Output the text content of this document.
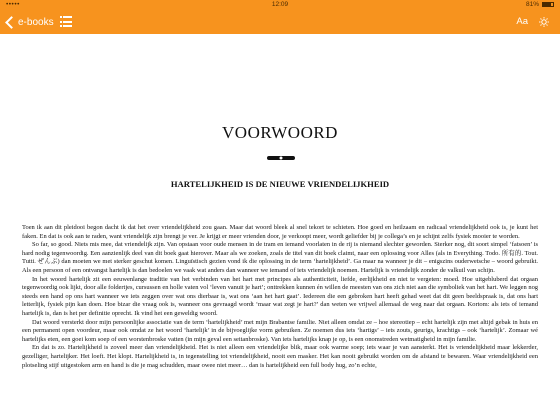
•••••	12:09	81%
e-books	Aa
VOORWOORD
HARTELIJKHEID IS DE NIEUWE VRIENDELIJKHEID

Toen ik aan dit pleidooi begon dacht ik dat het over vriendelijkheid zou gaan. Maar dat woord bleek al snel tekort te schieten. Hoe goed en heilzaam en radicaal vriendelijkheid ook is, je kunt het faken. En dat is ook aan te raden, want vriendelijk zijn brengt je ver. Je krijgt er meer vrienden door, je verkoopt meer, wordt geliefder bij je collega’s en je schijnt zelfs fysiek mooier te worden.

So far, so good. Niets mis mee, dat vriendelijk zijn. Van opstaan voor oude mensen in de tram en iemand voorlaten in de rij is niemand slechter geworden. Sterker nog, dit soort simpel ‘fatsoen’ is hard nodig tegenwoordig. Een aanzienlijk deel van dit boek gaat hierover. Maar als we zoeken, zoals de titel van dit boek claimt, naar een oplossing voor Alles (als in Everything. Todo. 所有的. Tout. Tutti. ぜんぶ) dan moeten we met sterker geschut komen. Linguïstisch gezien vond ik die oplossing in de term ‘hartelijkheid’. Ga maar na wanneer je dit – enigszins ouderwetsche – woord gebruikt. Als een persoon of een ontvangst hartelijk is dan bedoelen we vaak wat anders dan wanneer we iemand of iets vriendelijk noemen. Hartelijk is vriendelijk zonder de valkuil van schijn.

In het woord hartelijk zit een eeuwenlange traditie van het verbinden van het hart met principes als authenticiteit, liefde, eerlijkheid en niet te vergeten: moed. Hoe uitgebluberd dat orgaan tegenwoordig ook lijkt, door alle foldertjes, cursussen en holle vaten vol ‘leven vanuit je hart’; onttrekken kunnen én willen de meesten van ons zich niet aan die symboliek van het hart. We leggen nog steeds een hand op ons hart wanneer we iets zeggen over wat ons dierbaar is, wat ons ‘aan het hart gaat’. Iedereen die een gebroken hart heeft gehad weet dat dit geen beeldspraak is, dat ons hart letterlijk, fysiek pijn kan doen. Hoe bizar die vraag ook is, wanneer ons gevraagd wordt ‘maar wat zegt je hart?’ dan weten we vrijwel allemaal de weg naar dat orgaan. Kortom: als iets of iemand hartelijk is, dan is het per definitie oprecht. Ik vind het een geweldig woord.

Dat woord versterkt door mijn persoonlijke associatie van de term ‘hartelijkheid’ met mijn Brabantse familie. Niet alleen omdat ze – hoe stereotiep – echt hartelijk zijn met altijd gebak in huis en een permanent open voordeur, maar ook omdat ze het woord ‘hartelijk’ in de bijvoeglijke vorm gebruiken. Ze noemen dus iets ‘hartigs’ – iets zouts, geurigs, krachtigs – ook ‘hartelijk’. Zomaar wé hartelijks eten, een goei kom soep of een worstenbroske vatten (in mijn geval een seitanbroske). Van iets hartelijks knap je op, is een onomstreden wetmatigheid in mijn familie.

En dat is zo. Hartelijkheid is zoveel meer dan vriendelijkheid. Het is niet alleen een vriendelijke blik, maar ook warme soep; iets waar je van aansterkt. Het is vriendelijkheid maar lekkerder, gezelliger, hartelijker. Het loeft. Het klopt. Hartelijkheid is, in tegenstelling tot vriendelijkheid, nooit een masker. Het kan nooit gebruikt worden om de afstand te bewaren. Waar vriendelijkheid een plotseling stijf uitgestoken arm en hand is die je mag schudden, maar owee niet meer… dan is hartelijkheid een full body hug, zo’n echte,
